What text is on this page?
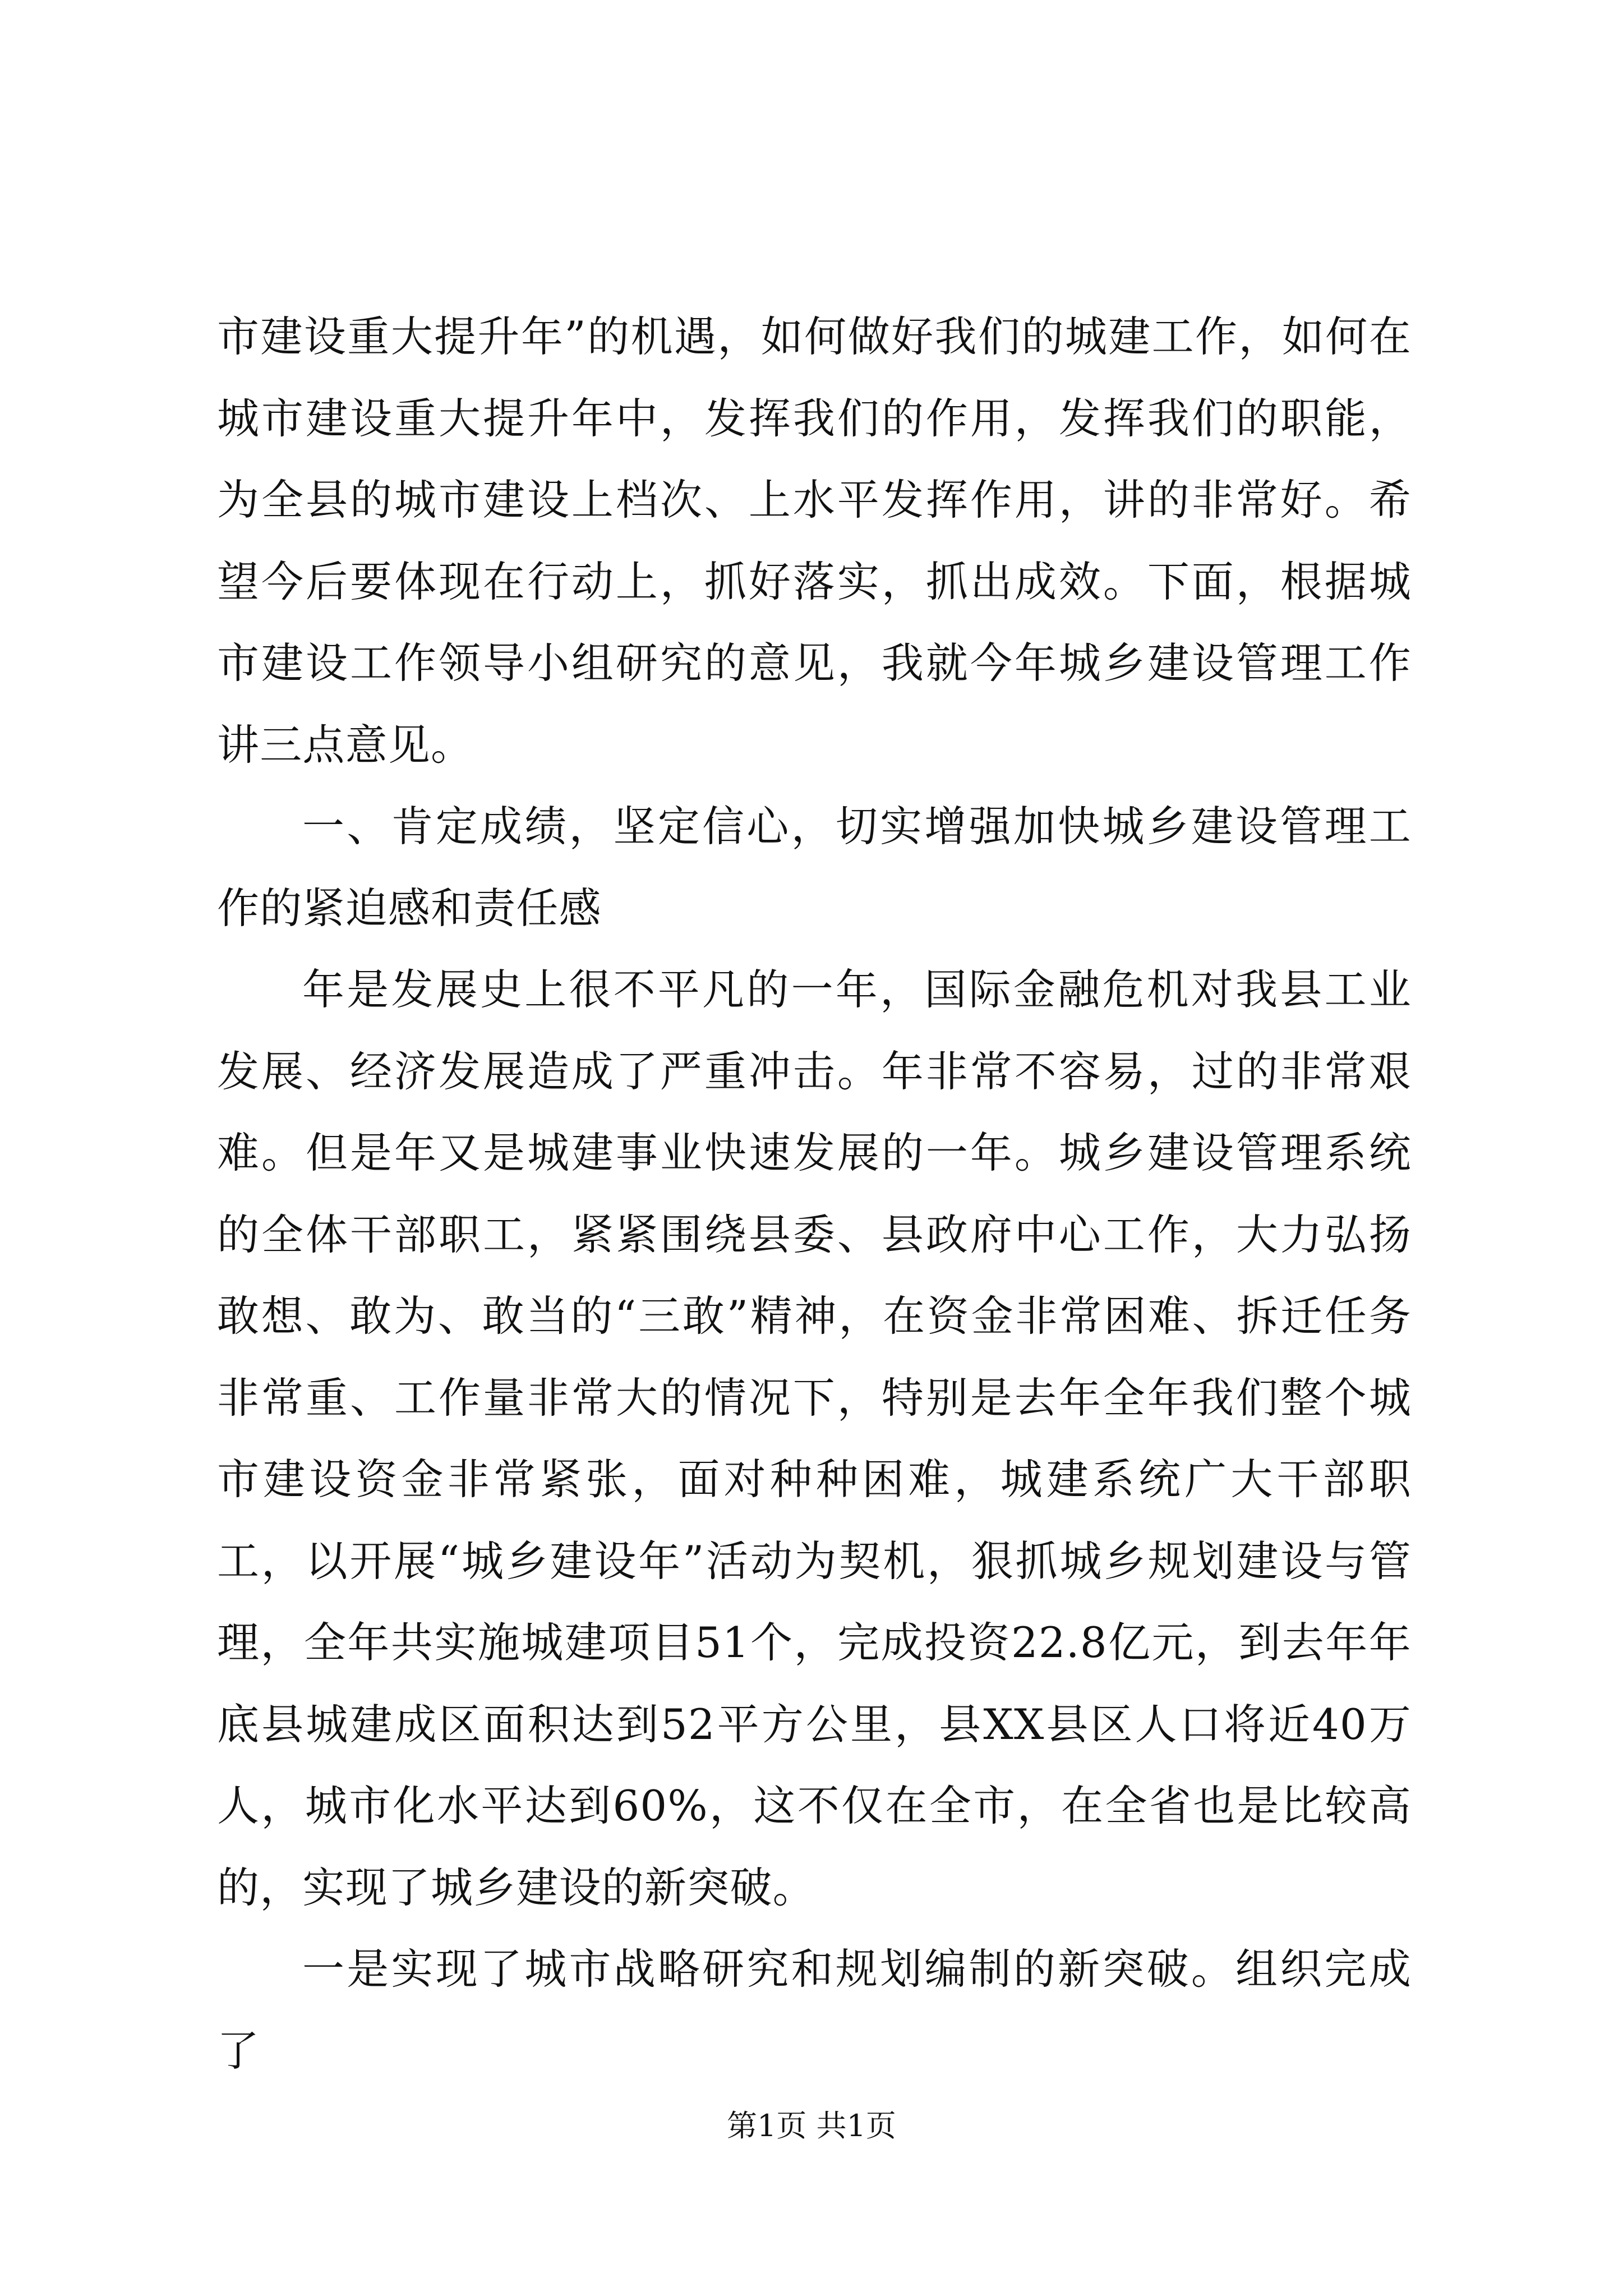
市建设重大提升年”的机遇，如何做好我们的城建工作，如何在城市建设重大提升年中，发挥我们的作用，发挥我们的职能，为全县的城市建设上档次、上水平发挥作用，讲的非常好。希望今后要体现在行动上，抓好落实，抓出成效。下面，根据城市建设工作领导小组研究的意见，我就今年城乡建设管理工作讲三点意见。

一、肯定成绩，坚定信心，切实增强加快城乡建设管理工作的紧迫感和责任感

年是发展史上很不平凡的一年，国际金融危机对我县工业发展、经济发展造成了严重冲击。年非常不容易，过的非常艰难。但是年又是城建事业快速发展的一年。城乡建设管理系统的全体干部职工，紧紧围绕县委、县政府中心工作，大力弘扬敢想、敢为、敢当的“三敢”精神，在资金非常困难、拆迁任务非常重、工作量非常大的情况下，特别是去年全年我们整个城市建设资金非常紧张，面对种种困难，城建系统广大干部职工，以开展“城乡建设年”活动为契机，狠抓城乡规划建设与管理，全年共实施城建项目51个，完成投资22.8亿元，到去年年底县城建成区面积达到52平方公里，县XX县区人口将近40万人，城市化水平达到60%，这不仅在全市，在全省也是比较高的，实现了城乡建设的新突破。

一是实现了城市战略研究和规划编制的新突破。组织完成了

第1页 共1页
